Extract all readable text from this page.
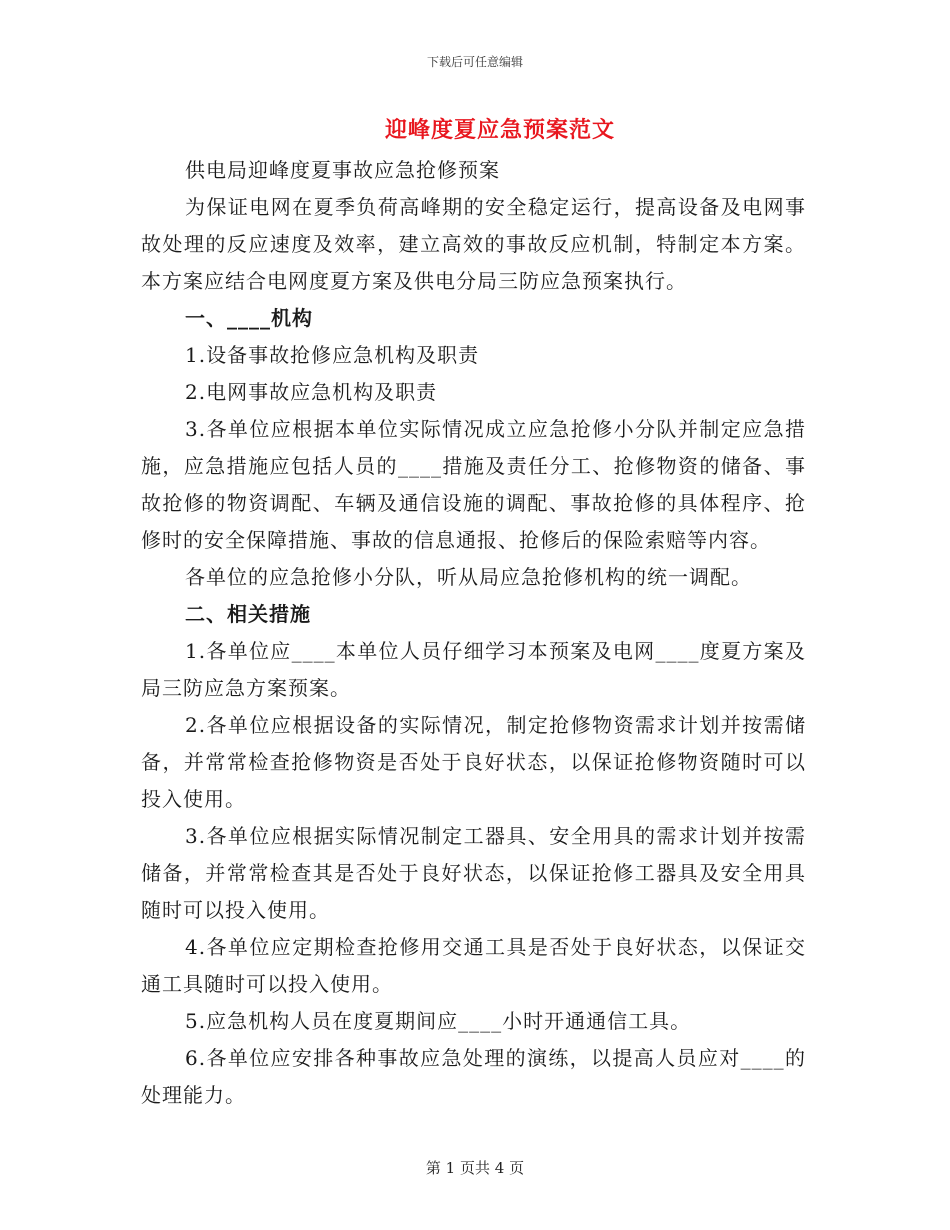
下载后可任意编辑
迎峰度夏应急预案范文

供电局迎峰度夏事故应急抢修预案

为保证电网在夏季负荷高峰期的安全稳定运行，提高设备及电网事故处理的反应速度及效率，建立高效的事故反应机制，特制定本方案。本方案应结合电网度夏方案及供电分局三防应急预案执行。

一、____机构

1.设备事故抢修应急机构及职责

2.电网事故应急机构及职责

3.各单位应根据本单位实际情况成立应急抢修小分队并制定应急措施，应急措施应包括人员的____措施及责任分工、抢修物资的储备、事故抢修的物资调配、车辆及通信设施的调配、事故抢修的具体程序、抢修时的安全保障措施、事故的信息通报、抢修后的保险索赔等内容。

各单位的应急抢修小分队，听从局应急抢修机构的统一调配。

二、相关措施

1.各单位应____本单位人员仔细学习本预案及电网____度夏方案及局三防应急方案预案。

2.各单位应根据设备的实际情况，制定抢修物资需求计划并按需储备，并常常检查抢修物资是否处于良好状态，以保证抢修物资随时可以投入使用。

3.各单位应根据实际情况制定工器具、安全用具的需求计划并按需储备，并常常检查其是否处于良好状态，以保证抢修工器具及安全用具随时可以投入使用。

4.各单位应定期检查抢修用交通工具是否处于良好状态，以保证交通工具随时可以投入使用。

5.应急机构人员在度夏期间应____小时开通通信工具。

6.各单位应安排各种事故应急处理的演练，以提高人员应对____的处理能力。

第 1 页共 4 页
